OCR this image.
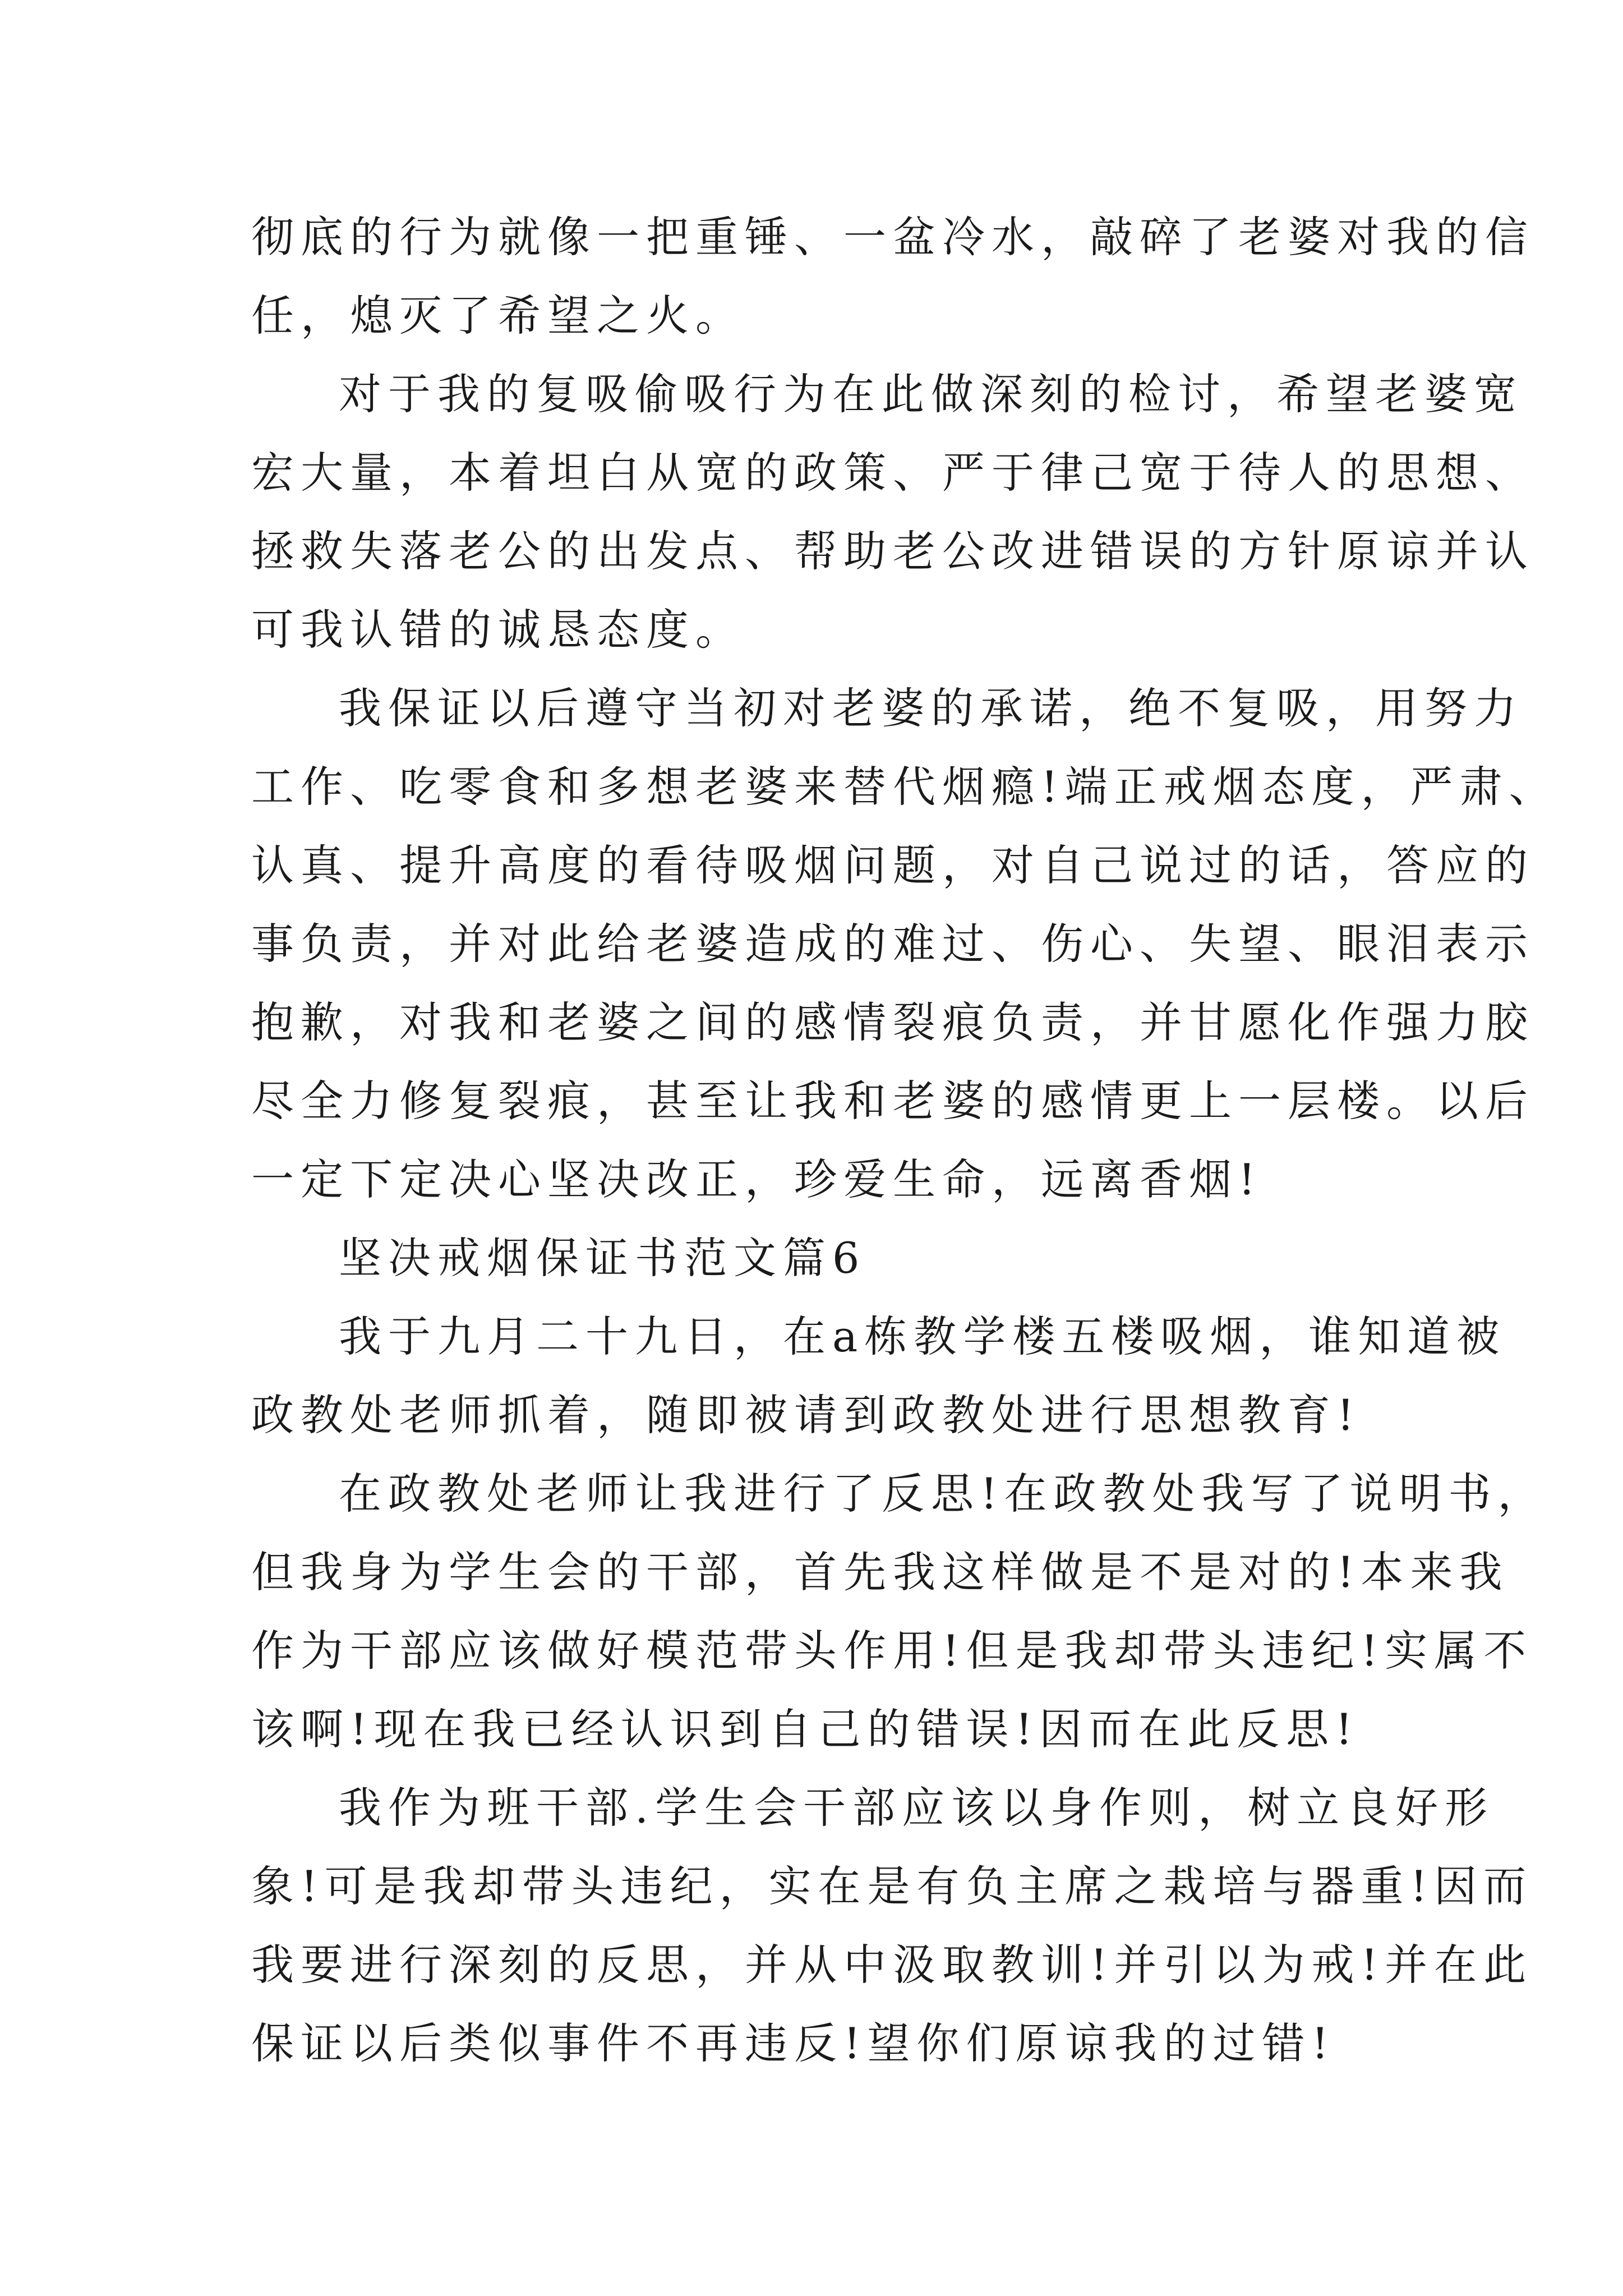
彻底的行为就像一把重锤、一盆冷水，敲碎了老婆对我的信
任，熄灭了希望之火。
对于我的复吸偷吸行为在此做深刻的检讨，希望老婆宽
宏大量，本着坦白从宽的政策、严于律己宽于待人的思想、
拯救失落老公的出发点、帮助老公改进错误的方针原谅并认
可我认错的诚恳态度。
我保证以后遵守当初对老婆的承诺，绝不复吸，用努力
工作、吃零食和多想老婆来替代烟瘾!端正戒烟态度，严肃、
认真、提升高度的看待吸烟问题，对自己说过的话，答应的
事负责，并对此给老婆造成的难过、伤心、失望、眼泪表示
抱歉，对我和老婆之间的感情裂痕负责，并甘愿化作强力胶
尽全力修复裂痕，甚至让我和老婆的感情更上一层楼。以后
一定下定决心坚决改正，珍爱生命，远离香烟!
坚决戒烟保证书范文篇6
我于九月二十九日，在a栋教学楼五楼吸烟，谁知道被
政教处老师抓着，随即被请到政教处进行思想教育!
在政教处老师让我进行了反思!在政教处我写了说明书，
但我身为学生会的干部，首先我这样做是不是对的!本来我
作为干部应该做好模范带头作用!但是我却带头违纪!实属不
该啊!现在我已经认识到自己的错误!因而在此反思!
我作为班干部.学生会干部应该以身作则，树立良好形
象!可是我却带头违纪，实在是有负主席之栽培与器重!因而
我要进行深刻的反思，并从中汲取教训!并引以为戒!并在此
保证以后类似事件不再违反!望你们原谅我的过错!
